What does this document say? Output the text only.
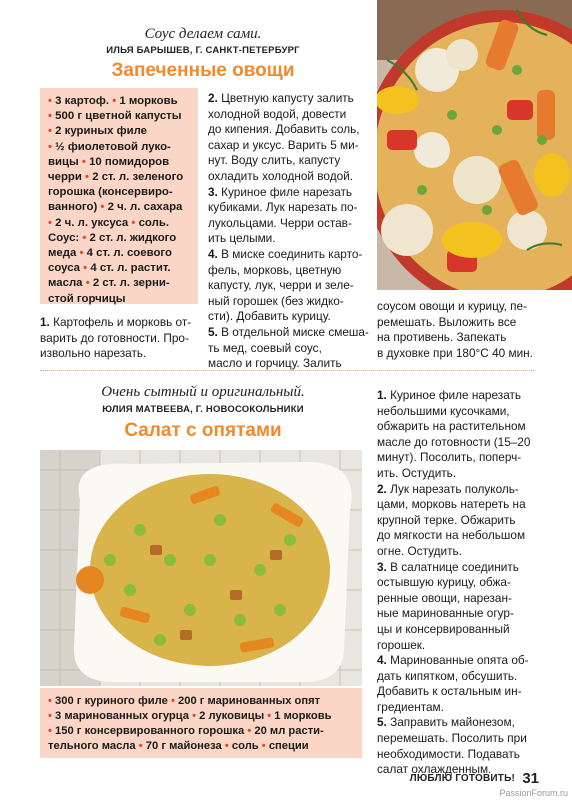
Соус делаем сами.
ИЛЬЯ БАРЫШЕВ, Г. САНКТ-ПЕТЕРБУРГ
Запеченные овощи
• 3 картоф. • 1 морковь
• 500 г цветной капусты
• 2 куриных филе
• ½ фиолетовой луко-
вицы • 10 помидоров
черри • 2 ст. л. зеленого
горошка (консервиро-
ванного) • 2 ч. л. сахара
• 2 ч. л. уксуса • соль.
Соус: • 2 ст. л. жидкого
меда • 4 ст. л. соевого
соуса • 4 ст. л. растит.
масла • 2 ст. л. зерни-
стой горчицы
1. Картофель и морковь от-
варить до готовности. Про-
извольно нарезать.
2. Цветную капусту залить
холодной водой, довести
до кипения. Добавить соль,
сахар и уксус. Варить 5 ми-
нут. Воду слить, капусту
охладить холодной водой.
3. Куриное филе нарезать
кубиками. Лук нарезать по-
лукольцами. Черри остав-
ить целыми.
4. В миске соединить карто-
фель, морковь, цветную
капусту, лук, черри и зеле-
ный горошек (без жидко-
сти). Добавить курицу.
5. В отдельной миске смеша-
ть мед, соевый соус,
масло и горчицу. Залить
соусом овощи и курицу, пе-
ремешать. Выложить все
на противень. Запекать
в духовке при 180°С 40 мин.
Очень сытный и оригинальный.
ЮЛИЯ МАТВЕЕВА, Г. НОВОСОКОЛЬНИКИ
Салат с опятами
• 300 г куриного филе • 200 г маринованных опят
• 3 маринованных огурца • 2 луковицы • 1 морковь
• 150 г консервированного горошка • 20 мл расти-
тельного масла • 70 г майонеза • соль • специи
1. Куриное филе нарезать
небольшими кусочками,
обжарить на растительном
масле до готовности (15–20
минут). Посолить, поперч-
ить. Остудить.
2. Лук нарезать полуколь-
цами, морковь натереть на
крупной терке. Обжарить
до мягкости на небольшом
огне. Остудить.
3. В салатнице соединить
остывшую курицу, обжа-
ренные овощи, нарезан-
ные маринованные огур-
цы и консервированный
горошек.
4. Маринованные опята об-
дать кипятком, обсушить.
Добавить к остальным ин-
гредиентам.
5. Заправить майонезом,
перемешать. Посолить при
необходимости. Подавать
салат охлажденным.
ЛЮБЛЮ ГОТОВИТЬ! 31
PassionForum.ru
